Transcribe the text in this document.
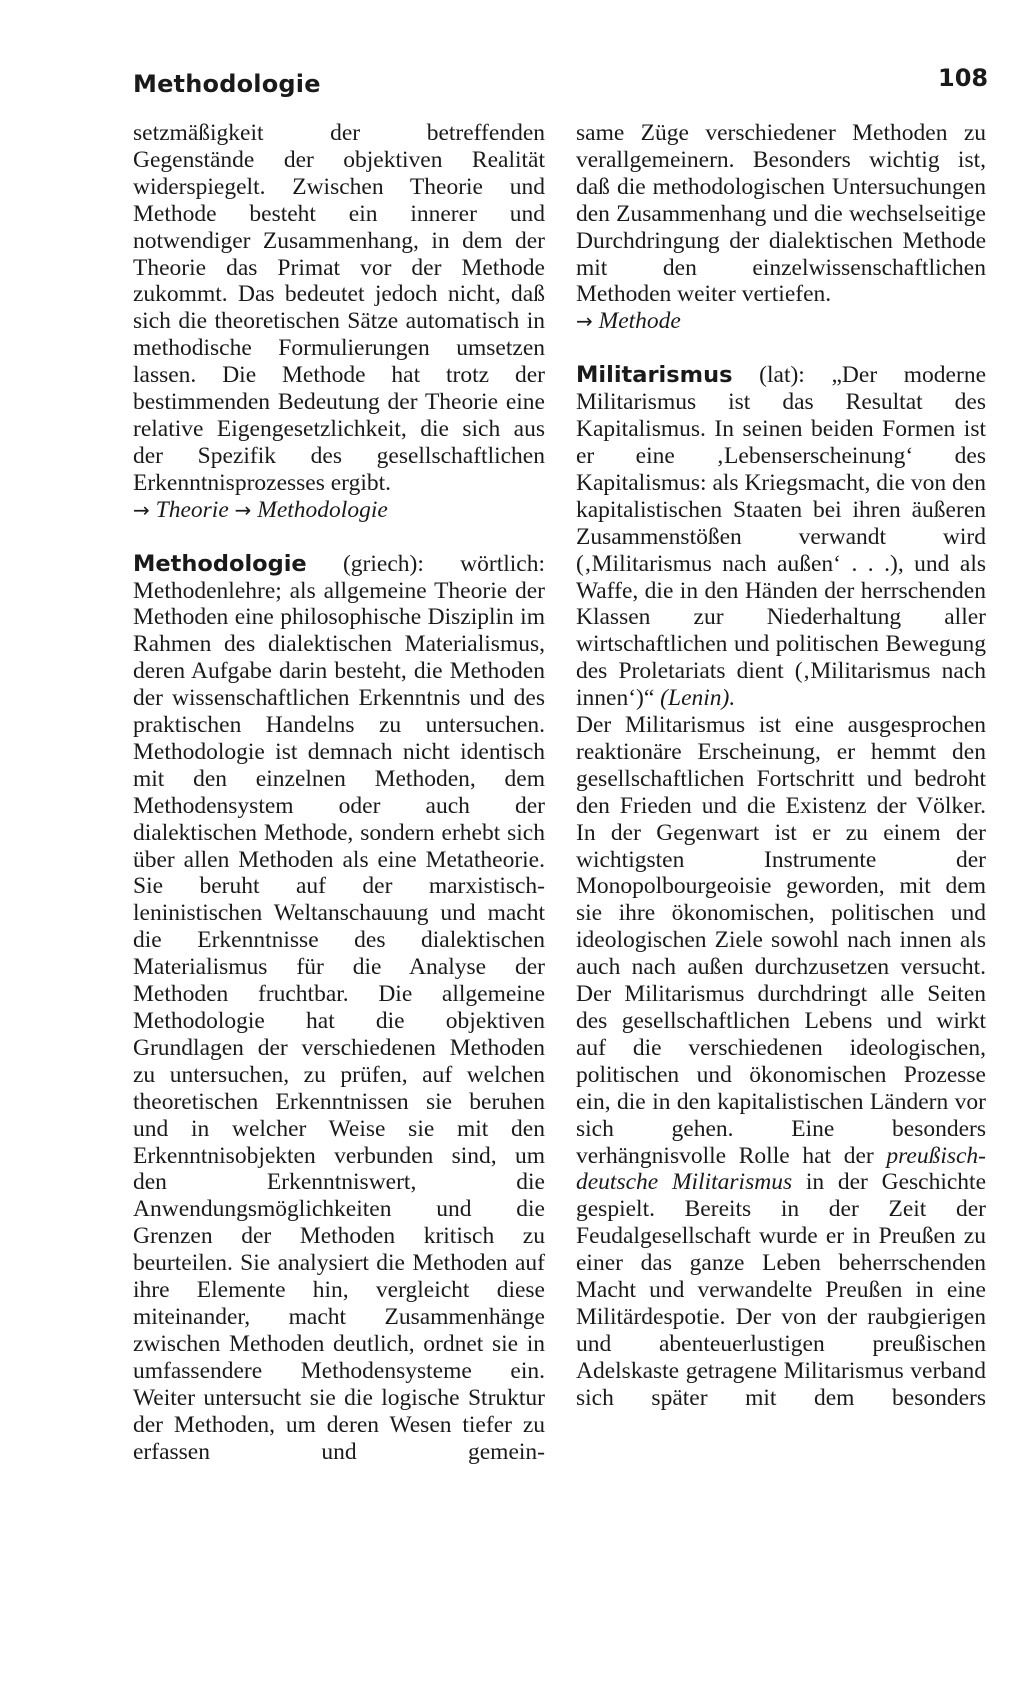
Methodologie	108

setzmäßigkeit der betreffenden Gegenstände der objektiven Realität widerspiegelt. Zwischen Theorie und Methode besteht ein innerer und notwendiger Zusammenhang, in dem der Theorie das Primat vor der Methode zukommt. Das bedeutet jedoch nicht, daß sich die theoretischen Sätze automatisch in methodische Formulierungen umsetzen lassen. Die Methode hat trotz der bestimmenden Bedeutung der Theorie eine relative Eigengesetzlichkeit, die sich aus der Spezifik des gesellschaftlichen Erkenntnisprozesses ergibt.

→ Theorie → Methodologie

Methodologie (griech): wörtlich: Methodenlehre; als allgemeine Theorie der Methoden eine philosophische Disziplin im Rahmen des dialektischen Materialismus, deren Aufgabe darin besteht, die Methoden der wissenschaftlichen Erkenntnis und des praktischen Handelns zu untersuchen. Methodologie ist demnach nicht identisch mit den einzelnen Methoden, dem Methodensystem oder auch der dialektischen Methode, sondern erhebt sich über allen Methoden als eine Metatheorie. Sie beruht auf der marxistisch-leninistischen Weltanschauung und macht die Erkenntnisse des dialektischen Materialismus für die Analyse der Methoden fruchtbar. Die allgemeine Methodologie hat die objektiven Grundlagen der verschiedenen Methoden zu untersuchen, zu prüfen, auf welchen theoretischen Erkenntnissen sie beruhen und in welcher Weise sie mit den Erkenntnisobjekten verbunden sind, um den Erkenntniswert, die Anwendungsmöglichkeiten und die Grenzen der Methoden kritisch zu beurteilen. Sie analysiert die Methoden auf ihre Elemente hin, vergleicht diese miteinander, macht Zusammenhänge zwischen Methoden deutlich, ordnet sie in umfassendere Methodensysteme ein. Weiter untersucht sie die logische Struktur der Methoden, um deren Wesen tiefer zu erfassen und gemein-

same Züge verschiedener Methoden zu verallgemeinern. Besonders wichtig ist, daß die methodologischen Untersuchungen den Zusammenhang und die wechselseitige Durchdringung der dialektischen Methode mit den einzelwissenschaftlichen Methoden weiter vertiefen.

→ Methode

Militarismus (lat): „Der moderne Militarismus ist das Resultat des Kapitalismus. In seinen beiden Formen ist er eine ‚Lebenserscheinung‘ des Kapitalismus: als Kriegsmacht, die von den kapitalistischen Staaten bei ihren äußeren Zusammenstößen verwandt wird (‚Militarismus nach außen‘ . . .), und als Waffe, die in den Händen der herrschenden Klassen zur Niederhaltung aller wirtschaftlichen und politischen Bewegung des Proletariats dient (‚Militarismus nach innen‘)“ (Lenin).

Der Militarismus ist eine ausgesprochen reaktionäre Erscheinung, er hemmt den gesellschaftlichen Fortschritt und bedroht den Frieden und die Existenz der Völker. In der Gegenwart ist er zu einem der wichtigsten Instrumente der Monopolbourgeoisie geworden, mit dem sie ihre ökonomischen, politischen und ideologischen Ziele sowohl nach innen als auch nach außen durchzusetzen versucht. Der Militarismus durchdringt alle Seiten des gesellschaftlichen Lebens und wirkt auf die verschiedenen ideologischen, politischen und ökonomischen Prozesse ein, die in den kapitalistischen Ländern vor sich gehen. Eine besonders verhängnisvolle Rolle hat der preußisch-deutsche Militarismus in der Geschichte gespielt. Bereits in der Zeit der Feudalgesellschaft wurde er in Preußen zu einer das ganze Leben beherrschenden Macht und verwandelte Preußen in eine Militärdespotie. Der von der raubgierigen und abenteuerlustigen preußischen Adelskaste getragene Militarismus verband sich später mit dem besonders
